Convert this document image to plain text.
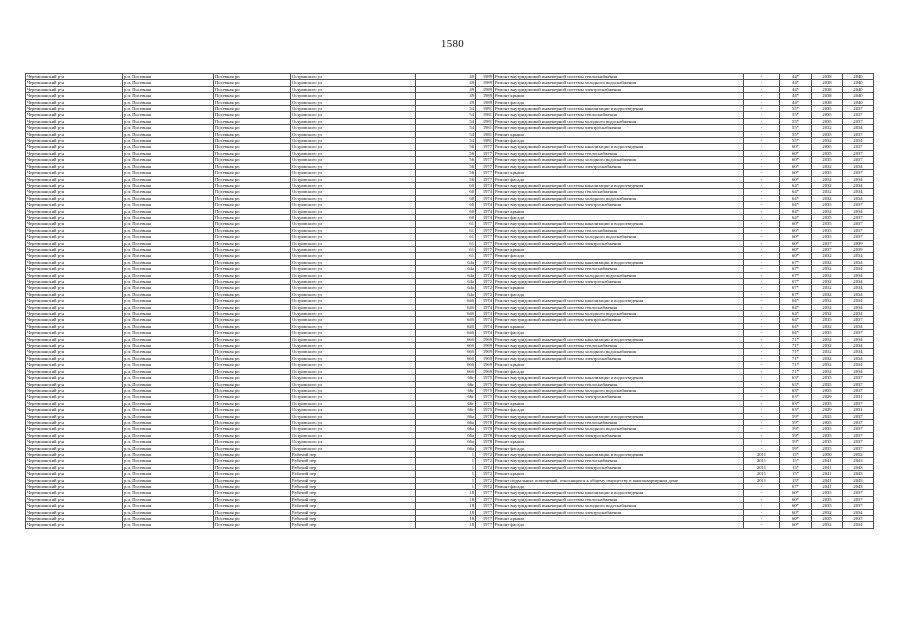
1580
Черемшанский р-н	р.п. Посевная	Посевная рп	Островского ул	49	1989	Ремонт внутридомовой инженерной системы теплоснабжения	-	44*	2038	2040
Черемшанский р-н	р.п. Посевная	Посевная рп	Островского ул	49	1989	Ремонт внутридомовой инженерной системы холодного водоснабжения	-	44*	2038	2040
Черемшанский р-н	р.п. Посевная	Посевная рп	Островского ул	49	1989	Ремонт внутридомовой инженерной системы электроснабжения	-	44*	2038	2040
Черемшанский р-н	р.п. Посевная	Посевная рп	Островского ул	49	1989	Ремонт крыши	-	44*	2038	2040
Черемшанский р-н	р.п. Посевная	Посевная рп	Островского ул	49	1989	Ремонт фасада	-	44*	2038	2040
Черемшанский р-н	р.п. Посевная	Посевная рп	Островского ул	54	1981	Ремонт внутридомовой инженерной системы канализации и водоотведения	-	55*	2035	2037
Черемшанский р-н	р.п. Посевная	Посевная рп	Островского ул	54	1981	Ремонт внутридомовой инженерной системы теплоснабжения	-	55*	2035	2037
Черемшанский р-н	р.п. Посевная	Посевная рп	Островского ул	54	1981	Ремонт внутридомовой инженерной системы холодного водоснабжения	-	55*	2035	2037
Черемшанский р-н	р.п. Посевная	Посевная рп	Островского ул	54	1981	Ремонт внутридомовой инженерной системы электроснабжения	-	55*	2032	2034
Черемшанский р-н	р.п. Посевная	Посевная рп	Островского ул	54	1981	Ремонт крыши	-	55*	2035	2037
Черемшанский р-н	р.п. Посевная	Посевная рп	Островского ул	54	1981	Ремонт фасада	-	55*	2032	2034
Черемшанский р-н	р.п. Посевная	Посевная рп	Островского ул	56	1977	Ремонт внутридомовой инженерной системы канализации и водоотведения	-	60*	2035	2037
Черемшанский р-н	р.п. Посевная	Посевная рп	Островского ул	56	1977	Ремонт внутридомовой инженерной системы теплоснабжения	-	60*	2035	2037
Черемшанский р-н	р.п. Посевная	Посевная рп	Островского ул	56	1977	Ремонт внутридомовой инженерной системы холодного водоснабжения	-	60*	2035	2037
Черемшанский р-н	р.п. Посевная	Посевная рп	Островского ул	56	1977	Ремонт внутридомовой инженерной системы электроснабжения	-	60*	2032	2034
Черемшанский р-н	р.п. Посевная	Посевная рп	Островского ул	56	1977	Ремонт крыши	-	60*	2035	2037
Черемшанский р-н	р.п. Посевная	Посевная рп	Островского ул	56	1977	Ремонт фасада	-	60*	2032	2034
Черемшанский р-н	р.п. Посевная	Посевная рп	Островского ул	60	1974	Ремонт внутридомовой инженерной системы канализации и водоотведения	-	64*	2032	2034
Черемшанский р-н	р.п. Посевная	Посевная рп	Островского ул	60	1974	Ремонт внутридомовой инженерной системы теплоснабжения	-	64*	2032	2034
Черемшанский р-н	р.п. Посевная	Посевная рп	Островского ул	60	1974	Ремонт внутридомовой инженерной системы холодного водоснабжения	-	64*	2032	2034
Черемшанский р-н	р.п. Посевная	Посевная рп	Островского ул	60	1974	Ремонт внутридомовой инженерной системы электроснабжения	-	64*	2035	2037
Черемшанский р-н	р.п. Посевная	Посевная рп	Островского ул	60	1974	Ремонт крыши	-	64*	2032	2034
Черемшанский р-н	р.п. Посевная	Посевная рп	Островского ул	60	1974	Ремонт фасада	-	64*	2035	2037
Черемшанский р-н	р.п. Посевная	Посевная рп	Островского ул	61	1977	Ремонт внутридомовой инженерной системы канализации и водоотведения	-	60*	2035	2037
Черемшанский р-н	р.п. Посевная	Посевная рп	Островского ул	61	1977	Ремонт внутридомовой инженерной системы теплоснабжения	-	60*	2035	2037
Черемшанский р-н	р.п. Посевная	Посевная рп	Островского ул	61	1977	Ремонт внутридомовой инженерной системы холодного водоснабжения	-	60*	2035	2037
Черемшанский р-н	р.п. Посевная	Посевная рп	Островского ул	61	1977	Ремонт внутридомовой инженерной системы электроснабжения	-	60*	2037	2039
Черемшанский р-н	р.п. Посевная	Посевная рп	Островского ул	61	1977	Ремонт крыши	-	60*	2037	2039
Черемшанский р-н	р.п. Посевная	Посевная рп	Островского ул	61	1977	Ремонт фасада	-	60*	2032	2034
Черемшанский р-н	р.п. Посевная	Посевная рп	Островского ул	64а	1972	Ремонт внутридомовой инженерной системы канализации и водоотведения	-	67*	2032	2034
Черемшанский р-н	р.п. Посевная	Посевная рп	Островского ул	64а	1972	Ремонт внутридомовой инженерной системы теплоснабжения	-	67*	2032	2034
Черемшанский р-н	р.п. Посевная	Посевная рп	Островского ул	64а	1972	Ремонт внутридомовой инженерной системы холодного водоснабжения	-	67*	2032	2034
Черемшанский р-н	р.п. Посевная	Посевная рп	Островского ул	64а	1972	Ремонт внутридомовой инженерной системы электроснабжения	-	67*	2032	2034
Черемшанский р-н	р.п. Посевная	Посевная рп	Островского ул	64а	1972	Ремонт крыши	-	67*	2032	2034
Черемшанский р-н	р.п. Посевная	Посевная рп	Островского ул	64а	1972	Ремонт фасада	-	67*	2032	2034
Черемшанский р-н	р.п. Посевная	Посевная рп	Островского ул	64б	1974	Ремонт внутридомовой инженерной системы канализации и водоотведения	-	64*	2032	2034
Черемшанский р-н	р.п. Посевная	Посевная рп	Островского ул	64б	1974	Ремонт внутридомовой инженерной системы теплоснабжения	-	64*	2032	2034
Черемшанский р-н	р.п. Посевная	Посевная рп	Островского ул	64б	1974	Ремонт внутридомовой инженерной системы холодного водоснабжения	-	64*	2032	2034
Черемшанский р-н	р.п. Посевная	Посевная рп	Островского ул	64б	1974	Ремонт внутридомовой инженерной системы электроснабжения	-	64*	2035	2037
Черемшанский р-н	р.п. Посевная	Посевная рп	Островского ул	64б	1974	Ремонт крыши	-	64*	2032	2034
Черемшанский р-н	р.п. Посевная	Посевная рп	Островского ул	64б	1974	Ремонт фасада	-	64*	2035	2037
Черемшанский р-н	р.п. Посевная	Посевная рп	Островского ул	66б	1969	Ремонт внутридомовой инженерной системы канализации и водоотведения	-	71*	2032	2034
Черемшанский р-н	р.п. Посевная	Посевная рп	Островского ул	66б	1969	Ремонт внутридомовой инженерной системы теплоснабжения	-	71*	2032	2034
Черемшанский р-н	р.п. Посевная	Посевная рп	Островского ул	66б	1969	Ремонт внутридомовой инженерной системы холодного водоснабжения	-	71*	2032	2034
Черемшанский р-н	р.п. Посевная	Посевная рп	Островского ул	66б	1969	Ремонт внутридомовой инженерной системы электроснабжения	-	71*	2032	2034
Черемшанский р-н	р.п. Посевная	Посевная рп	Островского ул	66б	1969	Ремонт крыши	-	71*	2032	2034
Черемшанский р-н	р.п. Посевная	Посевная рп	Островского ул	66б	1969	Ремонт фасада	-	71*	2032	2034
Черемшанский р-н	р.п. Посевная	Посевная рп	Островского ул	66г	1975	Ремонт внутридомовой инженерной системы канализации и водоотведения	-	63*	2035	2037
Черемшанский р-н	р.п. Посевная	Посевная рп	Островского ул	66г	1975	Ремонт внутридомовой инженерной системы теплоснабжения	-	63*	2035	2037
Черемшанский р-н	р.п. Посевная	Посевная рп	Островского ул	66г	1975	Ремонт внутридомовой инженерной системы холодного водоснабжения	-	63*	2035	2037
Черемшанский р-н	р.п. Посевная	Посевная рп	Островского ул	66г	1975	Ремонт внутридомовой инженерной системы электроснабжения	-	63*	2029	2031
Черемшанский р-н	р.п. Посевная	Посевная рп	Островского ул	66г	1975	Ремонт крыши	-	63*	2035	2037
Черемшанский р-н	р.п. Посевная	Посевная рп	Островского ул	66г	1975	Ремонт фасада	-	63*	2029	2031
Черемшанский р-н	р.п. Посевная	Посевная рп	Островского ул	66а	1978	Ремонт внутридомовой инженерной системы канализации и водоотведения	-	59*	2035	2037
Черемшанский р-н	р.п. Посевная	Посевная рп	Островского ул	66а	1978	Ремонт внутридомовой инженерной системы теплоснабжения	-	59*	2035	2037
Черемшанский р-н	р.п. Посевная	Посевная рп	Островского ул	66а	1978	Ремонт внутридомовой инженерной системы холодного водоснабжения	-	59*	2035	2037
Черемшанский р-н	р.п. Посевная	Посевная рп	Островского ул	66а	1978	Ремонт внутридомовой инженерной системы электроснабжения	-	59*	2035	2037
Черемшанский р-н	р.п. Посевная	Посевная рп	Островского ул	66а	1978	Ремонт крыши	-	59*	2035	2037
Черемшанский р-н	р.п. Посевная	Посевная рп	Островского ул	66а	1978	Ремонт фасада	-	59*	2035	2037
Черемшанский р-н	р.п. Посевная	Посевная рп	Рабочий пер	1	1972	Ремонт внутридомовой инженерной системы канализации и водоотведения	2011	15*	2050	2052
Черемшанский р-н	р.п. Посевная	Посевная рп	Рабочий пер	1	1972	Ремонт внутридомовой инженерной системы теплоснабжения	2011	15*	2041	2043
Черемшанский р-н	р.п. Посевная	Посевная рп	Рабочий пер	1	1972	Ремонт внутридомовой инженерной системы электроснабжения	2011	15*	2041	2043
Черемшанский р-н	р.п. Посевная	Посевная рп	Рабочий пер	1	1972	Ремонт крыши	2011	15*	2041	2043
Черемшанский р-н	р.п. Посевная	Посевная рп	Рабочий пер	1	1972	Ремонт подвальных помещений, относящихся к общему имуществу в многоквартирном доме	2011	15*	2041	2043
Черемшанский р-н	р.п. Посевная	Посевная рп	Рабочий пер	1	1972	Ремонт фасада	-	67*	2041	2043
Черемшанский р-н	р.п. Посевная	Посевная рп	Рабочий пер	18	1977	Ремонт внутридомовой инженерной системы канализации и водоотведения	-	60*	2035	2037
Черемшанский р-н	р.п. Посевная	Посевная рп	Рабочий пер	18	1977	Ремонт внутридомовой инженерной системы теплоснабжения	-	60*	2035	2037
Черемшанский р-н	р.п. Посевная	Посевная рп	Рабочий пер	18	1977	Ремонт внутридомовой инженерной системы холодного водоснабжения	-	60*	2035	2037
Черемшанский р-н	р.п. Посевная	Посевная рп	Рабочий пер	18	1977	Ремонт внутридомовой инженерной системы электроснабжения	-	60*	2032	2034
Черемшанский р-н	р.п. Посевная	Посевная рп	Рабочий пер	18	1977	Ремонт крыши	-	60*	2035	2037
Черемшанский р-н	р.п. Посевная	Посевная рп	Рабочий пер	18	1977	Ремонт фасада	-	60*	2032	2034
